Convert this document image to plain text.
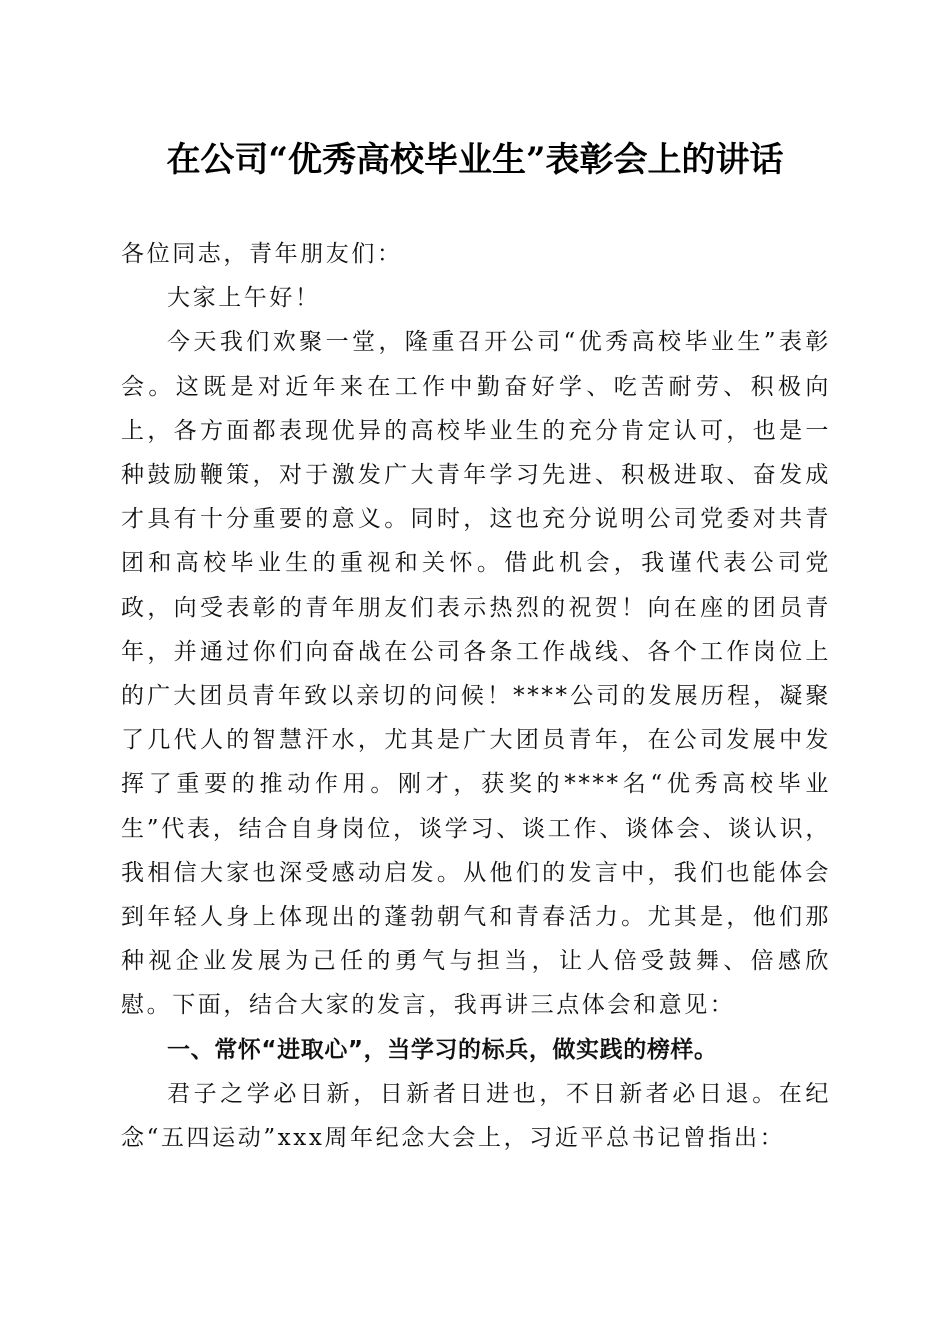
在公司“优秀高校毕业生”表彰会上的讲话

各位同志，青年朋友们：

大家上午好！

今天我们欢聚一堂，隆重召开公司“优秀高校毕业生”表彰会。这既是对近年来在工作中勤奋好学、吃苦耐劳、积极向上，各方面都表现优异的高校毕业生的充分肯定认可，也是一种鼓励鞭策，对于激发广大青年学习先进、积极进取、奋发成才具有十分重要的意义。同时，这也充分说明公司党委对共青团和高校毕业生的重视和关怀。借此机会，我谨代表公司党政，向受表彰的青年朋友们表示热烈的祝贺！向在座的团员青年，并通过你们向奋战在公司各条工作战线、各个工作岗位上的广大团员青年致以亲切的问候！****公司的发展历程，凝聚了几代人的智慧汗水，尤其是广大团员青年，在公司发展中发挥了重要的推动作用。刚才，获奖的****名“优秀高校毕业生”代表，结合自身岗位，谈学习、谈工作、谈体会、谈认识，我相信大家也深受感动启发。从他们的发言中，我们也能体会到年轻人身上体现出的蓬勃朝气和青春活力。尤其是，他们那种视企业发展为己任的勇气与担当，让人倍受鼓舞、倍感欣慰。下面，结合大家的发言，我再讲三点体会和意见：

一、常怀“进取心”，当学习的标兵，做实践的榜样。

君子之学必日新，日新者日进也，不日新者必日退。在纪念“五四运动”xxx周年纪念大会上，习近平总书记曾指出：
